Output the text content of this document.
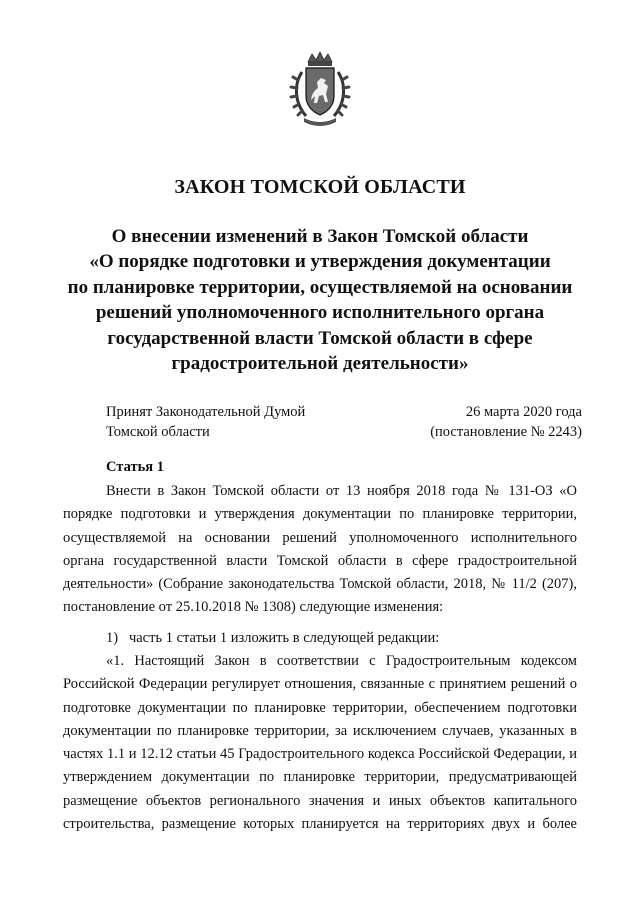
ЗАКОН ТОМСКОЙ ОБЛАСТИ
О внесении изменений в Закон Томской области
«О порядке подготовки и утверждения документации
по планировке территории, осуществляемой на основании
решений уполномоченного исполнительного органа
государственной власти Томской области в сфере
градостроительной деятельности»
Принят Законодательной Думой
Томской области
26 марта 2020 года
(постановление № 2243)
Статья 1

Внести в Закон Томской области от 13 ноября 2018 года № 131-ОЗ «О порядке подготовки и утверждения документации по планировке территории, осуществляемой на основании решений уполномоченного исполнительного органа государственной власти Томской области в сфере градостроительной деятельности» (Собрание законодательства Томской области, 2018, № 11/2 (207), постановление от 25.10.2018 № 1308) следующие изменения:

1)   часть 1 статьи 1 изложить в следующей редакции:

«1. Настоящий Закон в соответствии с Градостроительным кодексом Российской Федерации регулирует отношения, связанные с принятием решений о подготовке документации по планировке территории, обеспечением подготовки документации по планировке территории, за исключением случаев, указанных в частях 1.1 и 12.12 статьи 45 Градостроительного кодекса Российской Федерации, и утверждением документации по планировке территории, предусматривающей размещение объектов регионального значения и иных объектов капитального строительства, размещение которых планируется на территориях двух и более
